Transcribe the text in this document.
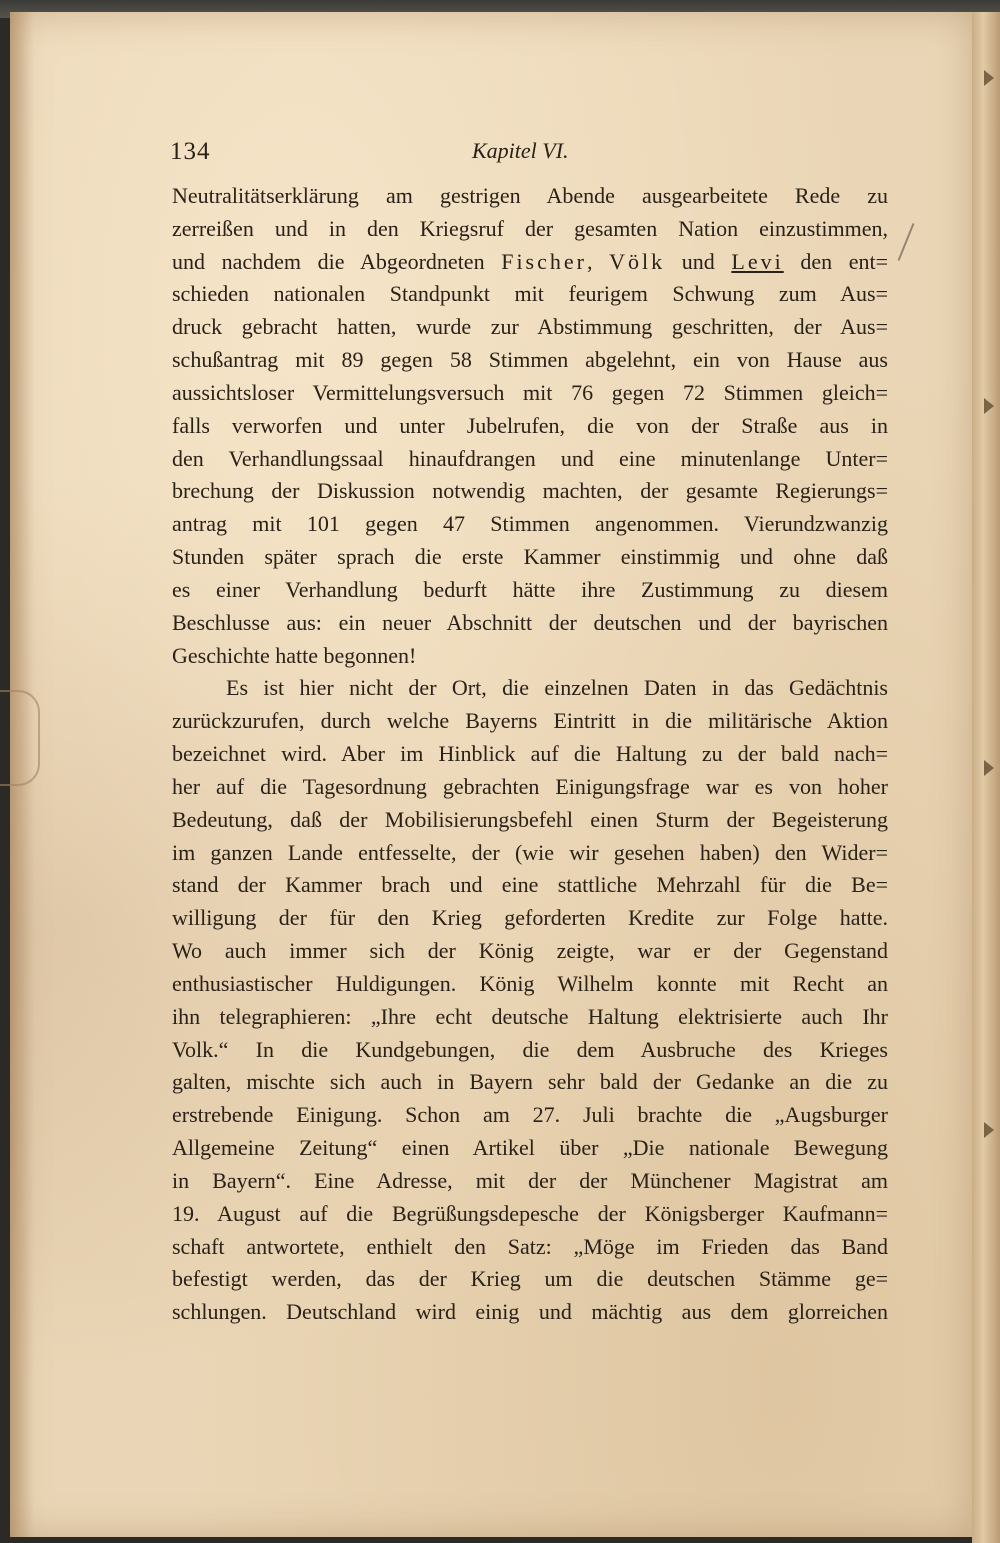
134	Kapitel VI.
Neutralitätserklärung am gestrigen Abende ausgearbeitete Rede zu
zerreißen und in den Kriegsruf der gesamten Nation einzustimmen,
und nachdem die Abgeordneten Fischer, Völk und Levi den ent=
schieden nationalen Standpunkt mit feurigem Schwung zum Aus=
druck gebracht hatten, wurde zur Abstimmung geschritten, der Aus=
schußantrag mit 89 gegen 58 Stimmen abgelehnt, ein von Hause aus
aussichtsloser Vermittelungsversuch mit 76 gegen 72 Stimmen gleich=
falls verworfen und unter Jubelrufen, die von der Straße aus in
den Verhandlungssaal hinaufdrangen und eine minutenlange Unter=
brechung der Diskussion notwendig machten, der gesamte Regierungs=
antrag mit 101 gegen 47 Stimmen angenommen. Vierundzwanzig
Stunden später sprach die erste Kammer einstimmig und ohne daß
es einer Verhandlung bedurft hätte ihre Zustimmung zu diesem
Beschlusse aus: ein neuer Abschnitt der deutschen und der bayrischen
Geschichte hatte begonnen!
Es ist hier nicht der Ort, die einzelnen Daten in das Gedächtnis
zurückzurufen, durch welche Bayerns Eintritt in die militärische Aktion
bezeichnet wird. Aber im Hinblick auf die Haltung zu der bald nach=
her auf die Tagesordnung gebrachten Einigungsfrage war es von hoher
Bedeutung, daß der Mobilisierungsbefehl einen Sturm der Begeisterung
im ganzen Lande entfesselte, der (wie wir gesehen haben) den Wider=
stand der Kammer brach und eine stattliche Mehrzahl für die Be=
willigung der für den Krieg geforderten Kredite zur Folge hatte.
Wo auch immer sich der König zeigte, war er der Gegenstand
enthusiastischer Huldigungen. König Wilhelm konnte mit Recht an
ihn telegraphieren: „Ihre echt deutsche Haltung elektrisierte auch Ihr
Volk.“ In die Kundgebungen, die dem Ausbruche des Krieges
galten, mischte sich auch in Bayern sehr bald der Gedanke an die zu
erstrebende Einigung. Schon am 27. Juli brachte die „Augsburger
Allgemeine Zeitung“ einen Artikel über „Die nationale Bewegung
in Bayern“. Eine Adresse, mit der der Münchener Magistrat am
19. August auf die Begrüßungsdepesche der Königsberger Kaufmann=
schaft antwortete, enthielt den Satz: „Möge im Frieden das Band
befestigt werden, das der Krieg um die deutschen Stämme ge=
schlungen. Deutschland wird einig und mächtig aus dem glorreichen
